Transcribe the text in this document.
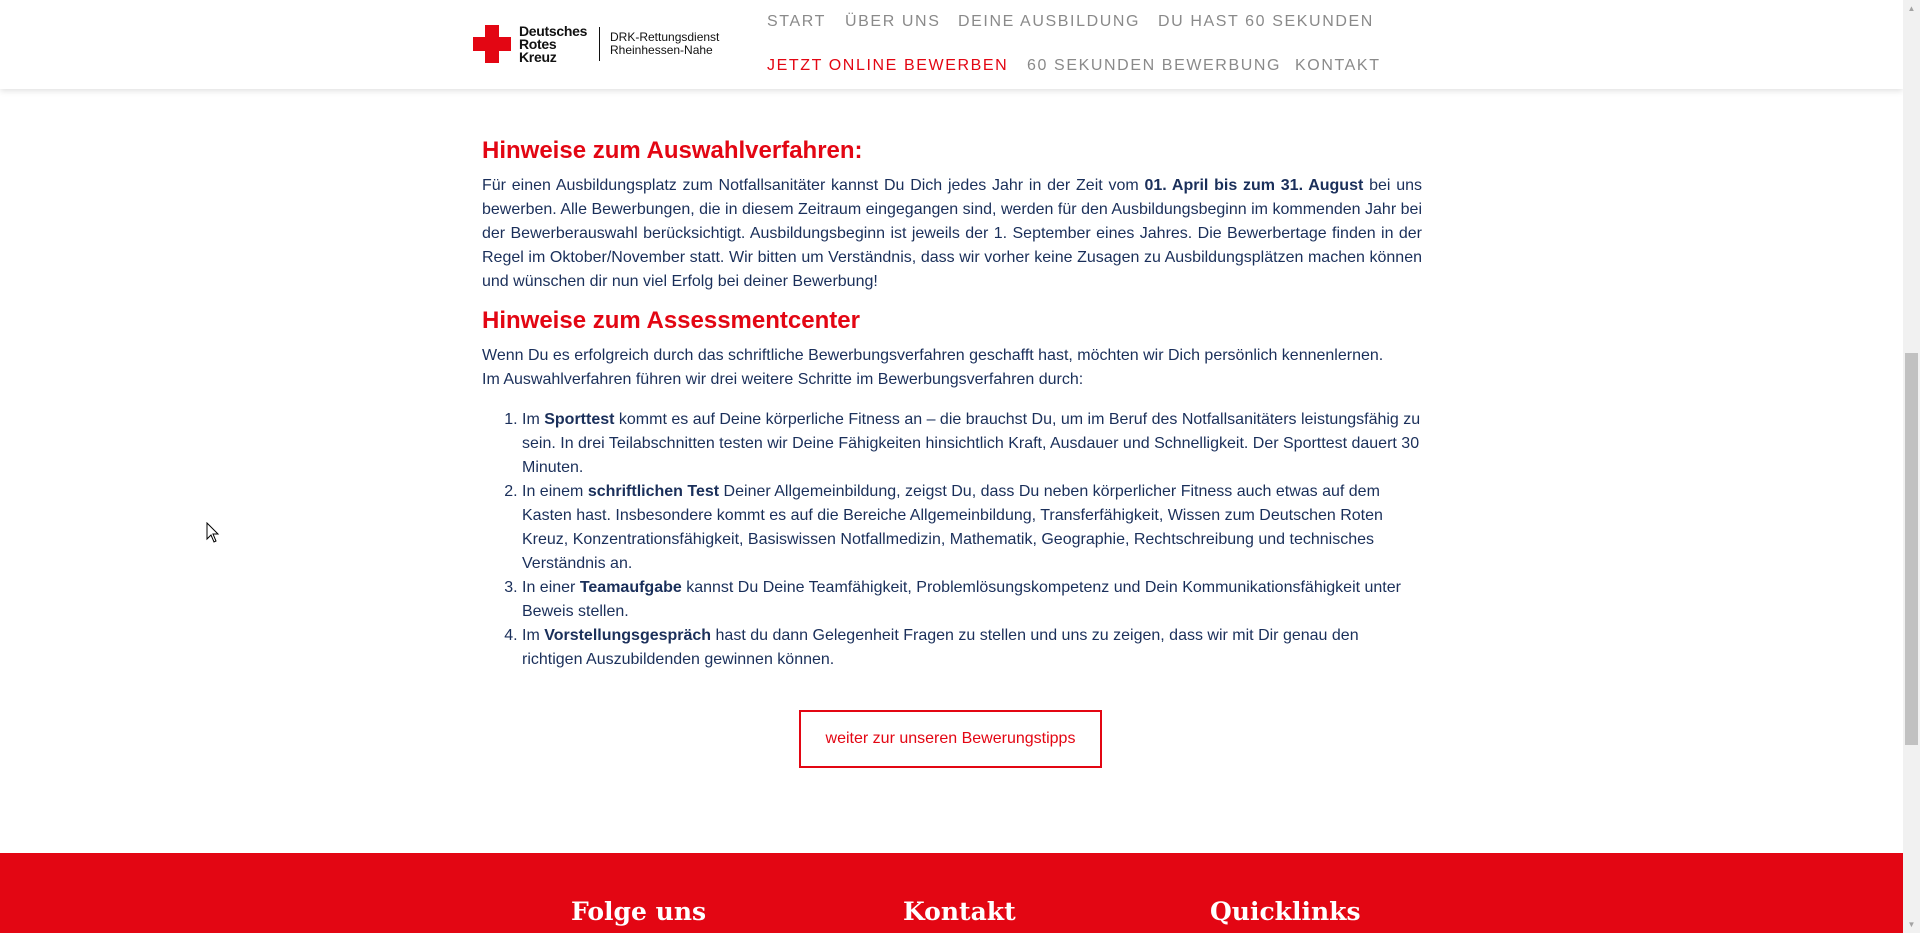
Deutsches
Rotes
Kreuz
DRK-Rettungsdienst
Rheinhessen-Nahe
START ÜBER UNS DEINE AUSBILDUNG DU HAST 60 SEKUNDEN
JETZT ONLINE BEWERBEN 60 SEKUNDEN BEWERBUNG KONTAKT
Hinweise zum Auswahlverfahren:

Für einen Ausbildungsplatz zum Notfallsanitäter kannst Du Dich jedes Jahr in der Zeit vom 01. April bis zum 31. August bei uns bewerben. Alle Bewerbungen, die in diesem Zeitraum eingegangen sind, werden für den Ausbildungsbeginn im kommenden Jahr bei der Bewerberauswahl berücksichtigt. Ausbildungsbeginn ist jeweils der 1. September eines Jahres. Die Bewerbertage finden in der Regel im Oktober/November statt. Wir bitten um Verständnis, dass wir vorher keine Zusagen zu Ausbildungsplätzen machen können und wünschen dir nun viel Erfolg bei deiner Bewerbung!

Hinweise zum Assessmentcenter

Wenn Du es erfolgreich durch das schriftliche Bewerbungsverfahren geschafft hast, möchten wir Dich persönlich kennenlernen.
Im Auswahlverfahren führen wir drei weitere Schritte im Bewerbungsverfahren durch:

1. Im Sporttest kommt es auf Deine körperliche Fitness an – die brauchst Du, um im Beruf des Notfallsanitäters leistungsfähig zu sein. In drei Teilabschnitten testen wir Deine Fähigkeiten hinsichtlich Kraft, Ausdauer und Schnelligkeit. Der Sporttest dauert 30 Minuten.
2. In einem schriftlichen Test Deiner Allgemeinbildung, zeigst Du, dass Du neben körperlicher Fitness auch etwas auf dem Kasten hast. Insbesondere kommt es auf die Bereiche Allgemeinbildung, Transferfähigkeit, Wissen zum Deutschen Roten Kreuz, Konzentrationsfähigkeit, Basiswissen Notfallmedizin, Mathematik, Geographie, Rechtschreibung und technisches Verständnis an.
3. In einer Teamaufgabe kannst Du Deine Teamfähigkeit, Problemlösungskompetenz und Dein Kommunikationsfähigkeit unter Beweis stellen.
4. Im Vorstellungsgespräch hast du dann Gelegenheit Fragen zu stellen und uns zu zeigen, dass wir mit Dir genau den richtigen Auszubildenden gewinnen können.
weiter zur unseren Bewerungstipps
Folge uns	Kontakt	Quicklinks
▲
▼
